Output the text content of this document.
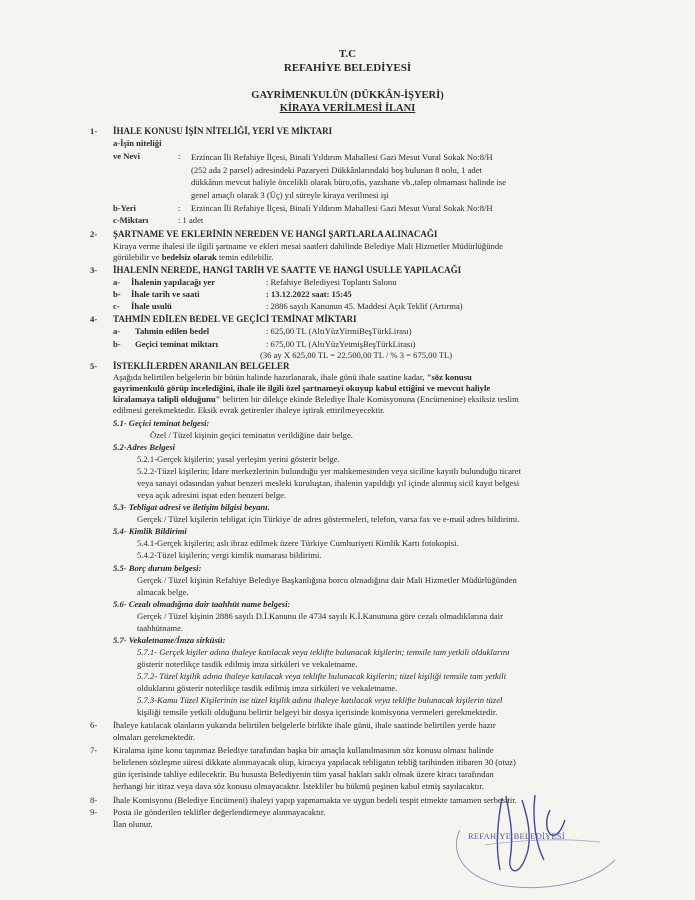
T.C
REFAHİYE BELEDİYESİ
GAYRİMENKULÜN (DÜKKÂN-İŞYERİ)
KİRAYA VERİLMESİ İLANI
1- İHALE KONUSU İŞİN NİTELİĞİ, YERİ VE MİKTARI
a-İşin niteliği
ve Nevi	: Erzincan İli Refahiye İlçesi, Binali Yıldırım Mahallesi Gazi Mesut Vural Sokak No:8/H
(252 ada 2 parsel) adresindeki Pazaryeri Dükkânlarındaki boş bulunan 8 nolu, 1 adet
dükkânın mevcut haliyle öncelikli olarak büro,ofis, yazıhane vb.,talep olmaması halinde ise
genel amaçlı olarak 3 (Üç) yıl süreyle kiraya verilmesi işi
b-Yeri	: Erzincan İli Refahiye İlçesi, Binali Yıldırım Mahallesi Gazi Mesut Vural Sokak No:8/H
c-Miktarı	: 1 adet
2- ŞARTNAME VE EKLERİNİN NEREDEN VE HANGİ ŞARTLARLA ALINACAĞI
Kiraya verme ihalesi ile ilgili şartname ve ekleri mesai saatleri dahilinde Belediye Mali Hizmetler Müdürlüğünde
görülebilir ve bedelsiz olarak temin edilebilir.
3- İHALENİN NEREDE, HANGİ TARİH VE SAATTE VE HANGİ USULLE YAPILACAĞI
a- İhalenin yapılacağı yer	: Refahiye Belediyesi Toplantı Salonu
b- İhale tarih ve saati	: 13.12.2022 saat: 15:45
c- İhale usulü	: 2886 sayılı Kanunun 45. Maddesi Açık Teklif (Artırma)
4- TAHMİN EDİLEN BEDEL VE GEÇİCİ TEMİNAT MİKTARI
a- Tahmin edilen bedel	: 625,00 TL (AltıYüzYirmiBeşTürkLirası)
b- Geçici teminat miktarı	: 675,00 TL (AltıYüzYetmişBeşTürkLirası)
(36 ay X 625,00 TL = 22.500,00 TL / % 3 = 675,00 TL)
5- İSTEKLİLERDEN ARANILAN BELGELER
Aşağıda belirtilen belgelerin bir bütün halinde hazırlanarak, ihale günü ihale saatine kadar, "söz konusu
gayrimenkulü görüp incelediğini, ihale ile ilgili özel şartnameyi okuyup kabul ettiğini ve mevcut haliyle
kiralamaya talipli olduğunu" belirten bir dilekçe ekinde Belediye İhale Komisyonuna (Encümenine) eksiksiz teslim
edilmesi gerekmektedir. Eksik evrak getirenler ihaleye iştirak ettirilmeyecektir.
5.1- Geçici teminat belgesi:
Özel / Tüzel kişinin geçici teminatın verildiğine dair belge.
5.2-Adres Belgesi
5.2.1-Gerçek kişilerin; yasal yerleşim yerini gösterir belge.
5.2.2-Tüzel kişilerin; İdare merkezlerinin bulunduğu yer mahkemesinden veya siciline kayıtlı bulunduğu ticaret
veya sanayi odasından yahut benzeri mesleki kuruluştan, ihalenin yapıldığı yıl içinde alınmış sicil kayıt belgesi
veya açık adresini ispat eden benzeri belge.
5.3- Tebligat adresi ve iletişim bilgisi beyanı.
Gerçek / Tüzel kişilerin tebligat için Türkiye`de adres göstermeleri, telefon, varsa fax ve e-mail adres bildirimi.
5.4- Kimlik Bildirimi
5.4.1-Gerçek kişilerin; aslı ibraz edilmek üzere Türkiye Cumhuriyeti Kimlik Kartı fotokopisi.
5.4.2-Tüzel kişilerin; vergi kimlik numarası bildirimi.
5.5- Borç durum belgesi:
Gerçek / Tüzel kişinin Refahiye Belediye Başkanlığına borcu olmadığına dair Mali Hizmetler Müdürlüğünden
alınacak belge.
5.6- Cezalı olmadığına dair taahhüt name belgesi:
Gerçek / Tüzel kişinin 2886 sayılı D.İ.Kanunu ile 4734 sayılı K.İ.Kanununa göre cezalı olmadıklarına dair
taahhütname.
5.7- Vekaletname/İmza sirküsü:
5.7.1- Gerçek kişiler adına ihaleye katılacak veya teklifte bulunacak kişilerin; temsile tam yetkili olduklarını
gösterir noterlikçe tasdik edilmiş imza sirküleri ve vekaletname.
5.7.2- Tüzel kişilik adına ihaleye katılacak veya teklifte bulunacak kişilerin; tüzel kişiliği temsile tam yetkili
olduklarını gösterir noterlikçe tasdik edilmiş imza sirküleri ve vekaletname.
5.7.3-Kamu Tüzel Kişilerinin ise tüzel kişilik adına ihaleye katılacak veya teklifte bulunacak kişilerin tüzel
kişiliği temsile yetkili olduğunu belirtir belgeyi bir dosya içerisinde komisyona vermeleri gerekmektedir.
6- İhaleye katılacak olanların yukarıda belirtilen belgelerle birlikte ihale günü, ihale saatinde belirtilen yerde hazır
olmaları gerekmektedir.
7- Kiralama işine konu taşınmaz Belediye tarafından başka bir amaçla kullanılmasının söz konusu olması halinde
belirlenen sözleşme süresi dikkate alınmayacak olup, kiracıya yapılacak tebligatın tebliğ tarihinden itibaren 30 (otuz)
gün içerisinde tahliye edilecektir. Bu hususta Belediyenin tüm yasal hakları saklı olmak üzere kiracı tarafından
herhangi bir itiraz veya dava söz konusu olmayacaktır. İstekliler bu hükmü peşinen kabul etmiş sayılacaktır.
8- İhale Komisyonu (Belediye Encümeni) ihaleyi yapıp yapmamakta ve uygun bedeli tespit etmekte tamamen serbesttir.
9- Posta ile gönderilen teklifler değerlendirmeye alınmayacaktır.
İlan olunur.
REFAHİYE BELEDİYESİ
